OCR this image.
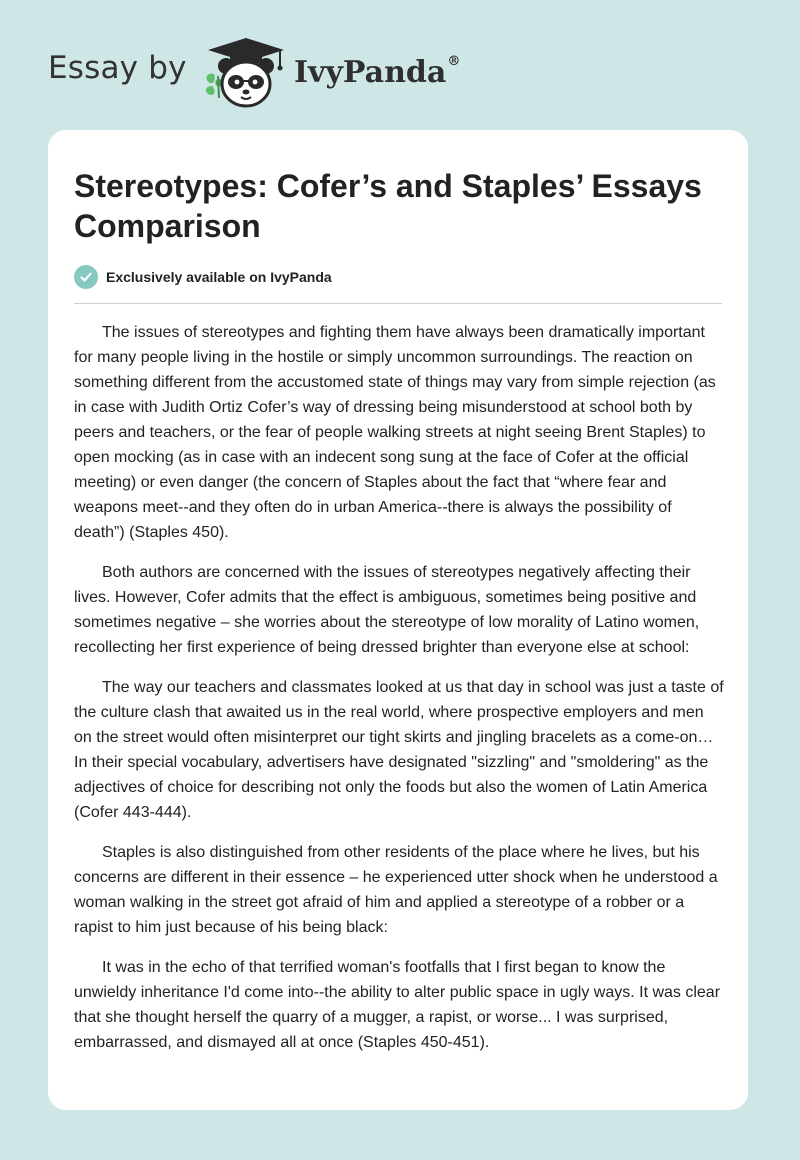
Essay by	IvyPanda®
Stereotypes: Cofer’s and Staples’ Essays Comparison
Exclusively available on IvyPanda

The issues of stereotypes and fighting them have always been dramatically important for many people living in the hostile or simply uncommon surroundings. The reaction on something different from the accustomed state of things may vary from simple rejection (as in case with Judith Ortiz Cofer’s way of dressing being misunderstood at school both by peers and teachers, or the fear of people walking streets at night seeing Brent Staples) to open mocking (as in case with an indecent song sung at the face of Cofer at the official meeting) or even danger (the concern of Staples about the fact that “where fear and weapons meet--and they often do in urban America--there is always the possibility of death”) (Staples 450).

Both authors are concerned with the issues of stereotypes negatively affecting their lives. However, Cofer admits that the effect is ambiguous, sometimes being positive and sometimes negative – she worries about the stereotype of low morality of Latino women, recollecting her first experience of being dressed brighter than everyone else at school:

The way our teachers and classmates looked at us that day in school was just a taste of the culture clash that awaited us in the real world, where prospective employers and men on the street would often misinterpret our tight skirts and jingling bracelets as a come-on… In their special vocabulary, advertisers have designated "sizzling" and "smoldering" as the adjectives of choice for describing not only the foods but also the women of Latin America (Cofer 443-444).

Staples is also distinguished from other residents of the place where he lives, but his concerns are different in their essence – he experienced utter shock when he understood a woman walking in the street got afraid of him and applied a stereotype of a robber or a rapist to him just because of his being black:

It was in the echo of that terrified woman's footfalls that I first began to know the unwieldy inheritance I'd come into--the ability to alter public space in ugly ways. It was clear that she thought herself the quarry of a mugger, a rapist, or worse... I was surprised, embarrassed, and dismayed all at once (Staples 450-451).
